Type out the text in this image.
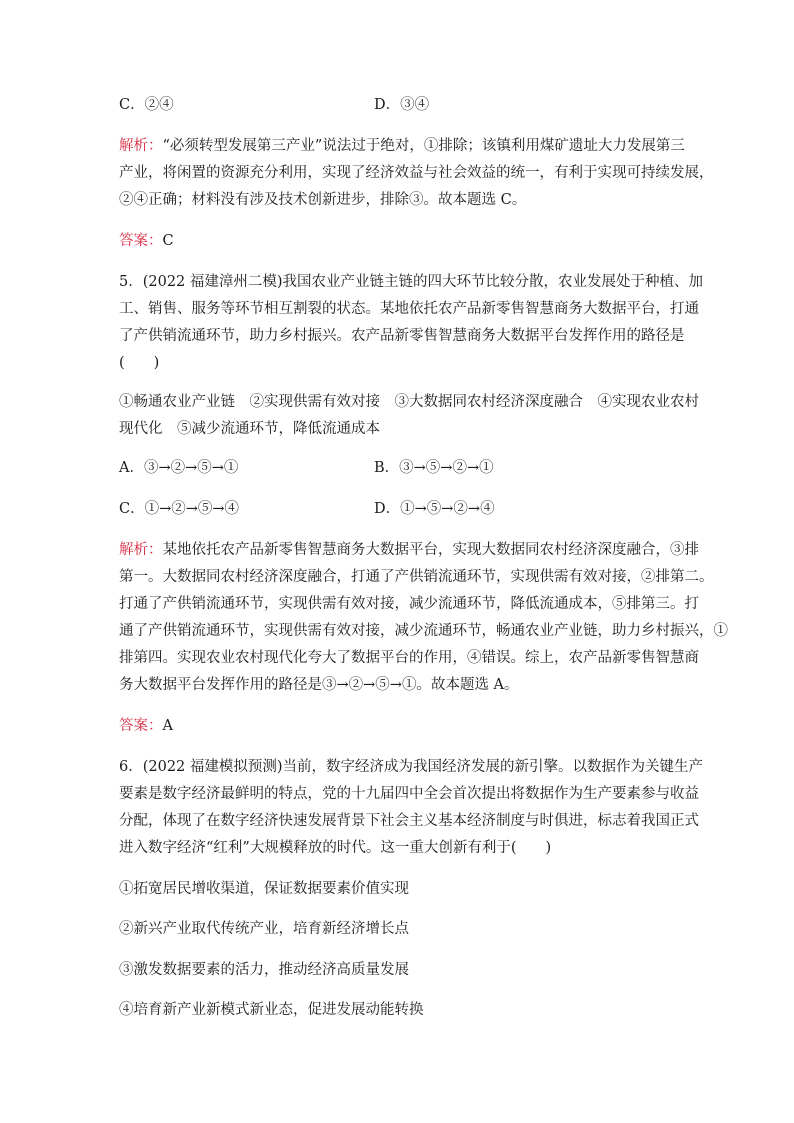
C．②④	D．③④
解析：“必须转型发展第三产业”说法过于绝对，①排除；该镇利用煤矿遗址大力发展第三
产业，将闲置的资源充分利用，实现了经济效益与社会效益的统一，有利于实现可持续发展，
②④正确；材料没有涉及技术创新进步，排除③。故本题选 C。
答案：C
5．(2022 福建漳州二模)我国农业产业链主链的四大环节比较分散，农业发展处于种植、加
工、销售、服务等环节相互割裂的状态。某地依托农产品新零售智慧商务大数据平台，打通
了产供销流通环节，助力乡村振兴。农产品新零售智慧商务大数据平台发挥作用的路径是
(　　)
①畅通农业产业链　②实现供需有效对接　③大数据同农村经济深度融合　④实现农业农村
现代化　⑤减少流通环节，降低流通成本
A．③→②→⑤→①	B．③→⑤→②→①
C．①→②→⑤→④	D．①→⑤→②→④
解析：某地依托农产品新零售智慧商务大数据平台，实现大数据同农村经济深度融合，③排
第一。大数据同农村经济深度融合，打通了产供销流通环节，实现供需有效对接，②排第二。
打通了产供销流通环节，实现供需有效对接，减少流通环节，降低流通成本，⑤排第三。打
通了产供销流通环节，实现供需有效对接，减少流通环节，畅通农业产业链，助力乡村振兴，①
排第四。实现农业农村现代化夸大了数据平台的作用，④错误。综上，农产品新零售智慧商
务大数据平台发挥作用的路径是③→②→⑤→①。故本题选 A。
答案：A
6．(2022 福建模拟预测)当前，数字经济成为我国经济发展的新引擎。以数据作为关键生产
要素是数字经济最鲜明的特点，党的十九届四中全会首次提出将数据作为生产要素参与收益
分配，体现了在数字经济快速发展背景下社会主义基本经济制度与时俱进，标志着我国正式
进入数字经济“红利”大规模释放的时代。这一重大创新有利于(　　)
①拓宽居民增收渠道，保证数据要素价值实现
②新兴产业取代传统产业，培育新经济增长点
③激发数据要素的活力，推动经济高质量发展
④培育新产业新模式新业态，促进发展动能转换
